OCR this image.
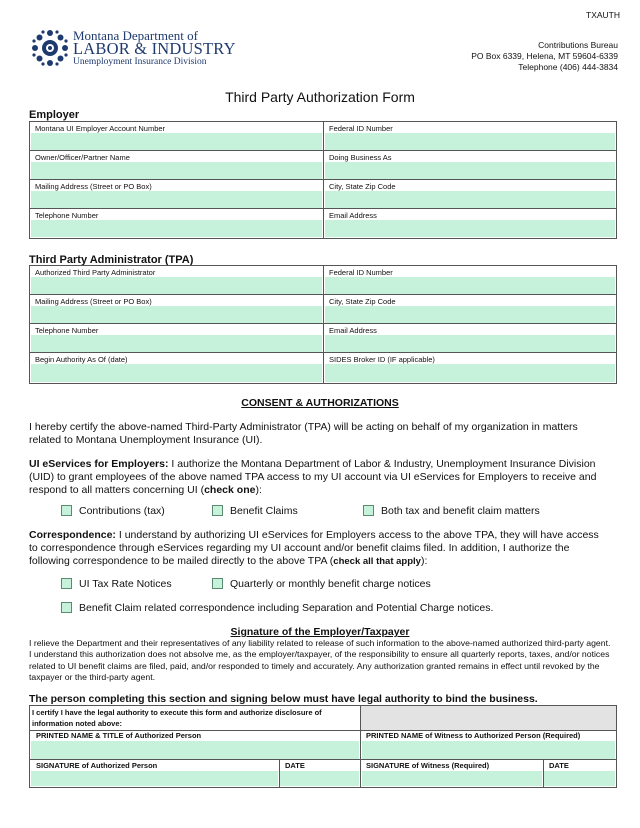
TXAUTH
Montana Department of
LABOR & INDUSTRY
Unemployment Insurance Division
Contributions Bureau
PO Box 6339, Helena, MT 59604-6339
Telephone (406) 444-3834
Third Party Authorization Form
Employer
Montana UI Employer Account Number	Federal ID Number
Owner/Officer/Partner Name	Doing Business As
Mailing Address (Street or PO Box)	City, State Zip Code
Telephone Number	Email Address
Third Party Administrator (TPA)
Authorized Third Party Administrator	Federal ID Number
Mailing Address (Street or PO Box)	City, State Zip Code
Telephone Number	Email Address
Begin Authority As Of (date)	SIDES Broker ID (IF applicable)
CONSENT & AUTHORIZATIONS
I hereby certify the above-named Third-Party Administrator (TPA) will be acting on behalf of my organization in matters related to Montana Unemployment Insurance (UI).
UI eServices for Employers: I authorize the Montana Department of Labor & Industry, Unemployment Insurance Division (UID) to grant employees of the above named TPA access to my UI account via UI eServices for Employers to receive and respond to all matters concerning UI (check one):
Contributions (tax)	Benefit Claims	Both tax and benefit claim matters
Correspondence: I understand by authorizing UI eServices for Employers access to the above TPA, they will have access to correspondence through eServices regarding my UI account and/or benefit claims filed. In addition, I authorize the following correspondence to be mailed directly to the above TPA (check all that apply):
UI Tax Rate Notices	Quarterly or monthly benefit charge notices
Benefit Claim related correspondence including Separation and Potential Charge notices.
Signature of the Employer/Taxpayer
I relieve the Department and their representatives of any liability related to release of such information to the above-named authorized third-party agent. I understand this authorization does not absolve me, as the employer/taxpayer, of the responsibility to ensure all quarterly reports, taxes, and/or notices related to UI benefit claims are filed, paid, and/or responded to timely and accurately. Any authorization granted remains in effect until revoked by the taxpayer or the third-party agent.
The person completing this section and signing below must have legal authority to bind the business.
I certify I have the legal authority to execute this form and authorize disclosure of information noted above:
PRINTED NAME & TITLE of Authorized Person	PRINTED NAME of Witness to Authorized Person (Required)
SIGNATURE of Authorized Person	DATE	SIGNATURE of Witness (Required)	DATE
